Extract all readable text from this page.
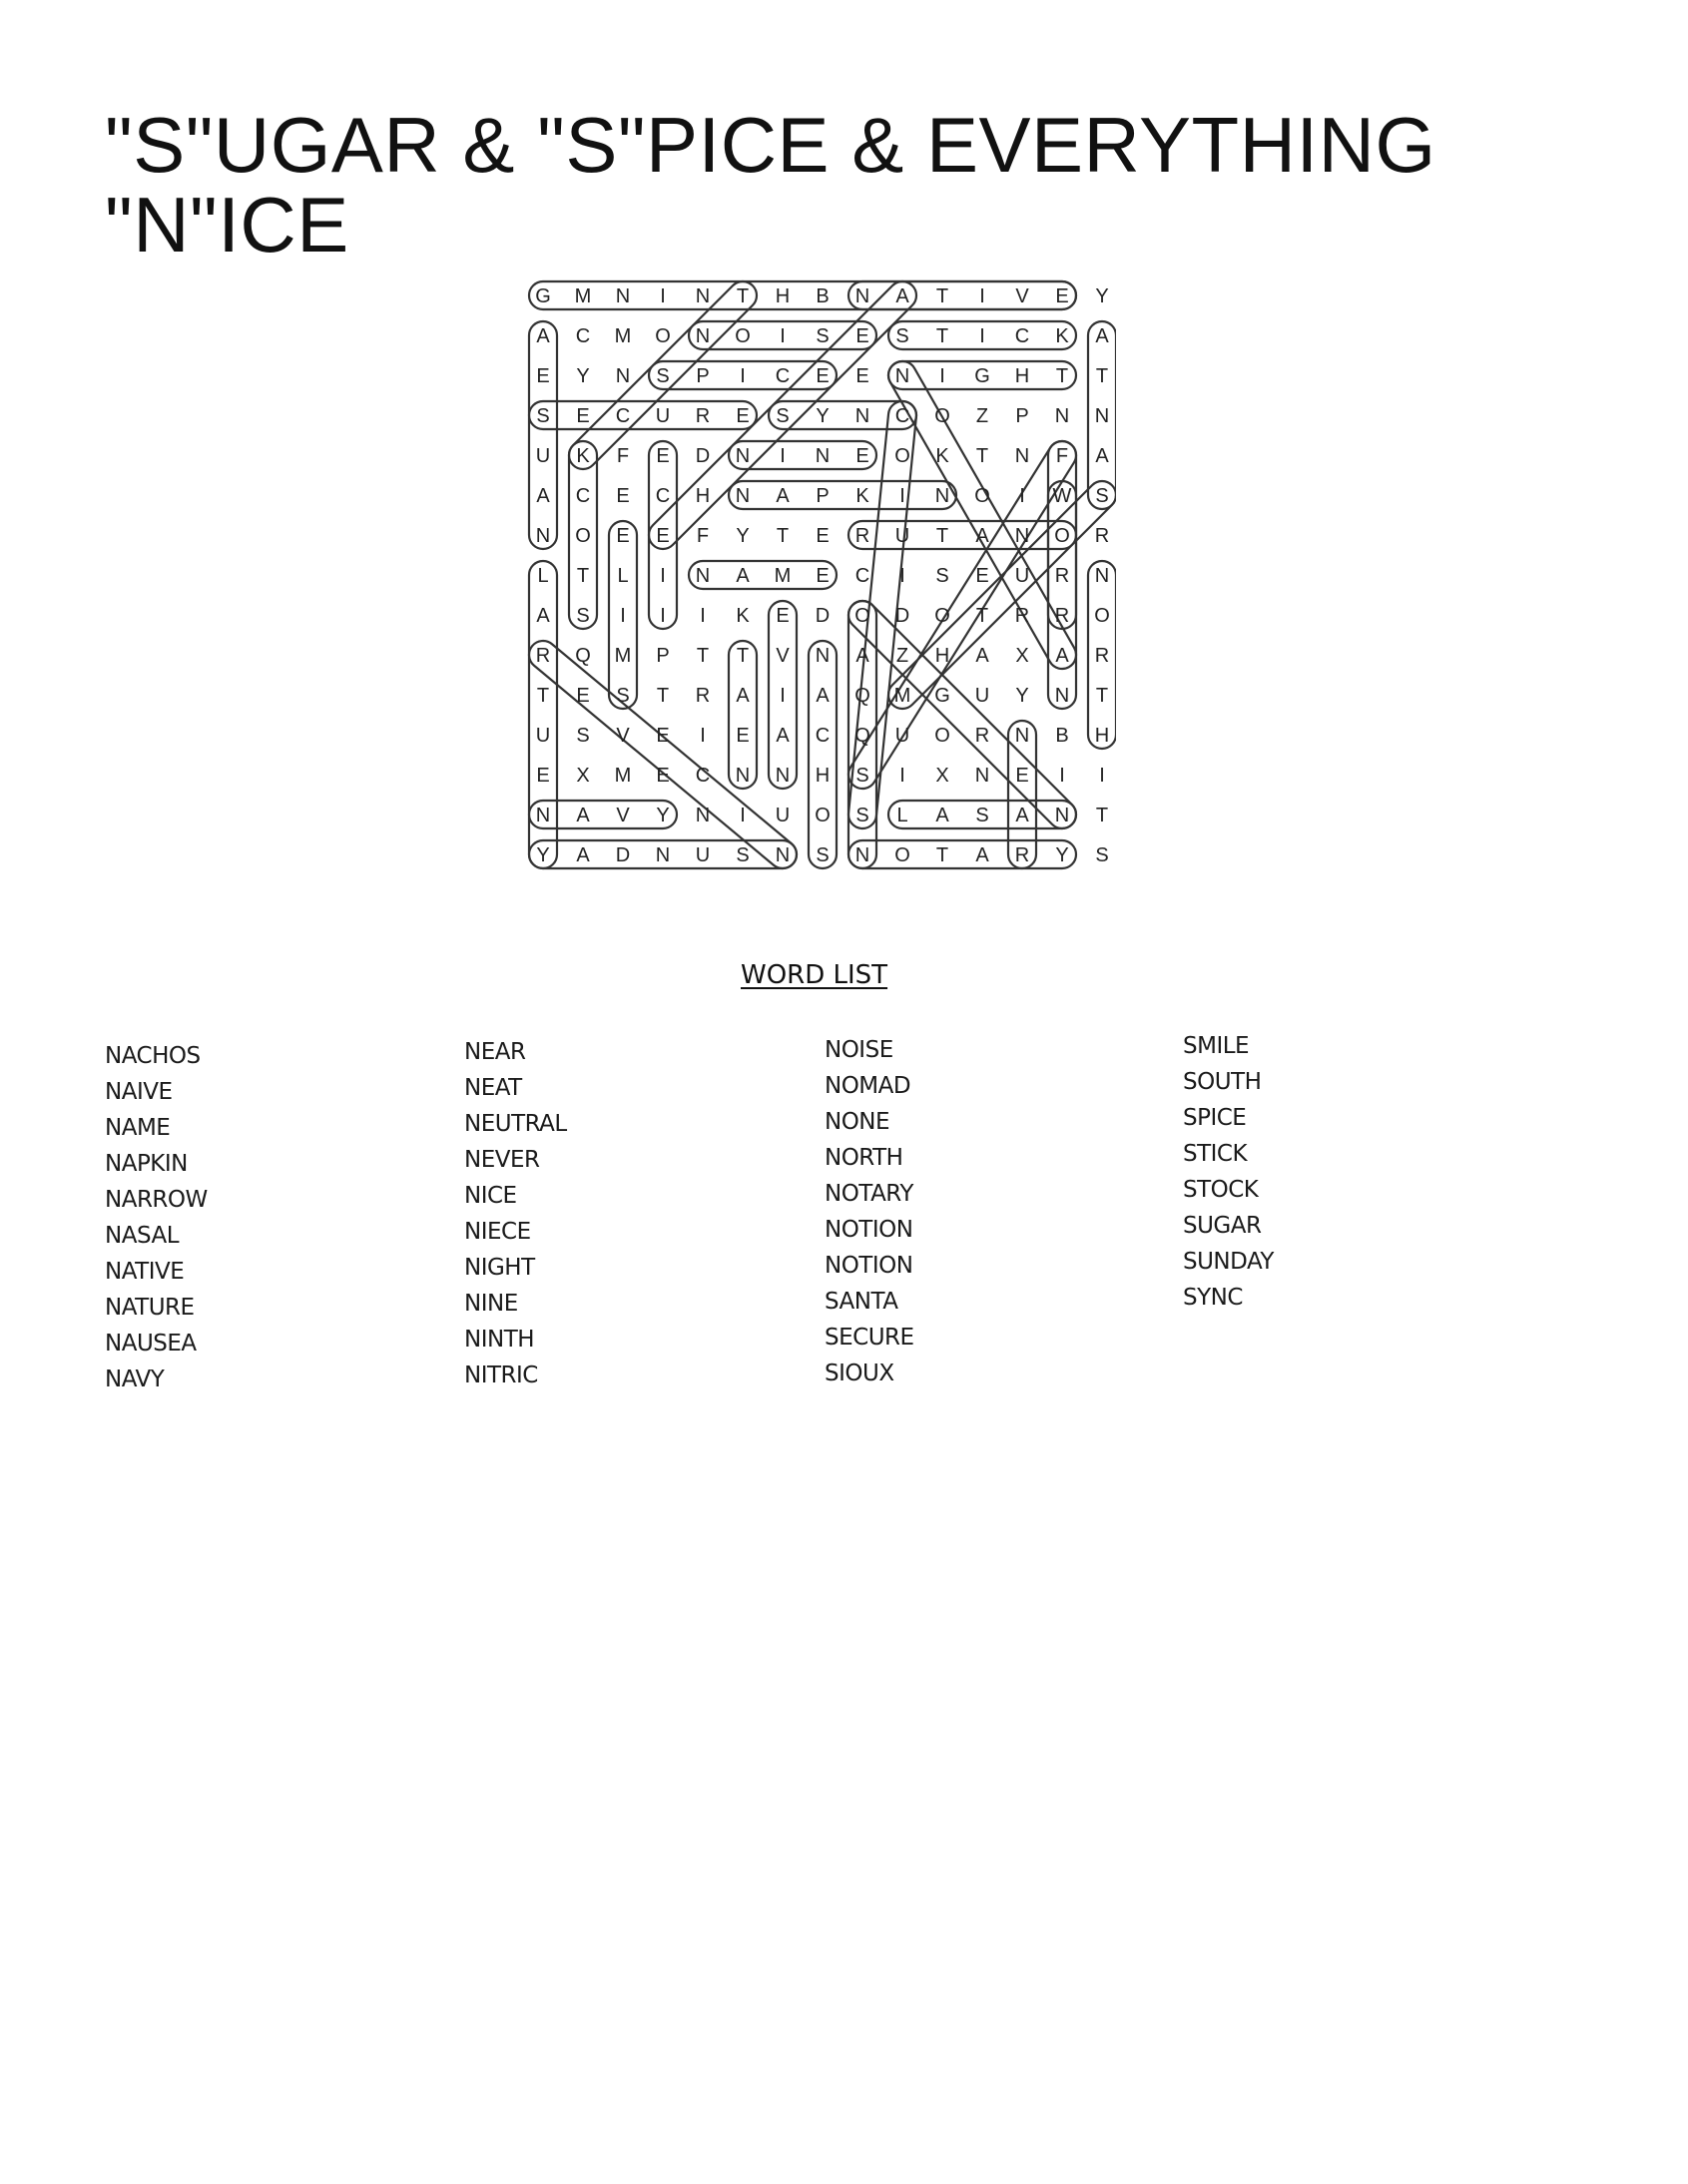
"S"UGAR & "S"PICE & EVERYTHING
"N"ICE
G M N I N T H B N A T I V E Y
A C M O N O I S E S T I C K A
E Y N S P I C E E N I G H T T
S E C U R E S Y N C O Z P N N
U K F E D N I N E O K T N F A
A C E C H N A P K I N O I W S
N O E E F Y T E R U T A N O R
L T L I N A M E C I S E U R N
A S I I I K E D O D O T R R O
R Q M P T T V N A Z H A X A R
T E S T R A I A Q M G U Y N T
U S V E I E A C Q U O R N B H
E X M E C N N H S I X N E I I
N A V Y N I U O S L A S A N T
Y A D N U S N S N O T A R Y S
WORD LIST
NACHOS
NAIVE
NAME
NAPKIN
NARROW
NASAL
NATIVE
NATURE
NAUSEA
NAVY
NEAR
NEAT
NEUTRAL
NEVER
NICE
NIECE
NIGHT
NINE
NINTH
NITRIC
NOISE
NOMAD
NONE
NORTH
NOTARY
NOTION
NOTION
SANTA
SECURE
SIOUX
SMILE
SOUTH
SPICE
STICK
STOCK
SUGAR
SUNDAY
SYNC
